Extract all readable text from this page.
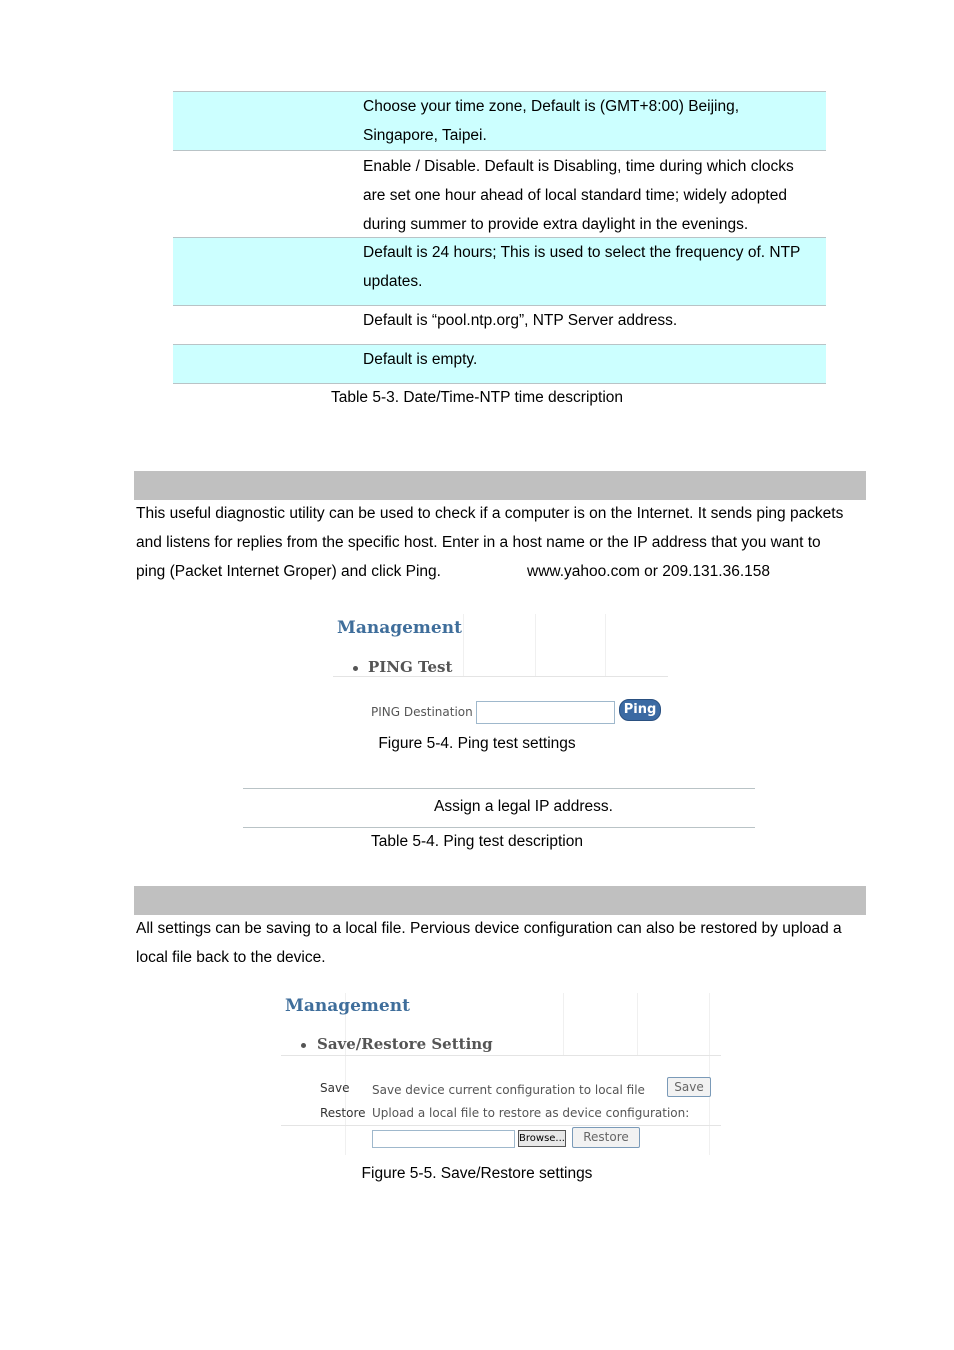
Choose your time zone, Default is (GMT+8:00) Beijing,
Singapore, Taipei.
Enable / Disable. Default is Disabling, time during which clocks
are set one hour ahead of local standard time; widely adopted
during summer to provide extra daylight in the evenings.
Default is 24 hours; This is used to select the frequency of. NTP
updates.
Default is “pool.ntp.org”, NTP Server address.
Default is empty.
Table 5-3. Date/Time-NTP time description
This useful diagnostic utility can be used to check if a computer is on the Internet. It sends ping packets
and listens for replies from the specific host. Enter in a host name or the IP address that you want to
ping (Packet Internet Groper) and click Ping.	www.yahoo.com or 209.131.36.158
Management
PING Test
PING Destination	Ping
Figure 5-4. Ping test settings
Assign a legal IP address.
Table 5-4. Ping test description
All settings can be saving to a local file. Pervious device configuration can also be restored by upload a
local file back to the device.
Management
Save/Restore Setting
Save Save device current configuration to local file	Save
Restore Upload a local file to restore as device configuration:
Browse...	Restore
Figure 5-5. Save/Restore settings
